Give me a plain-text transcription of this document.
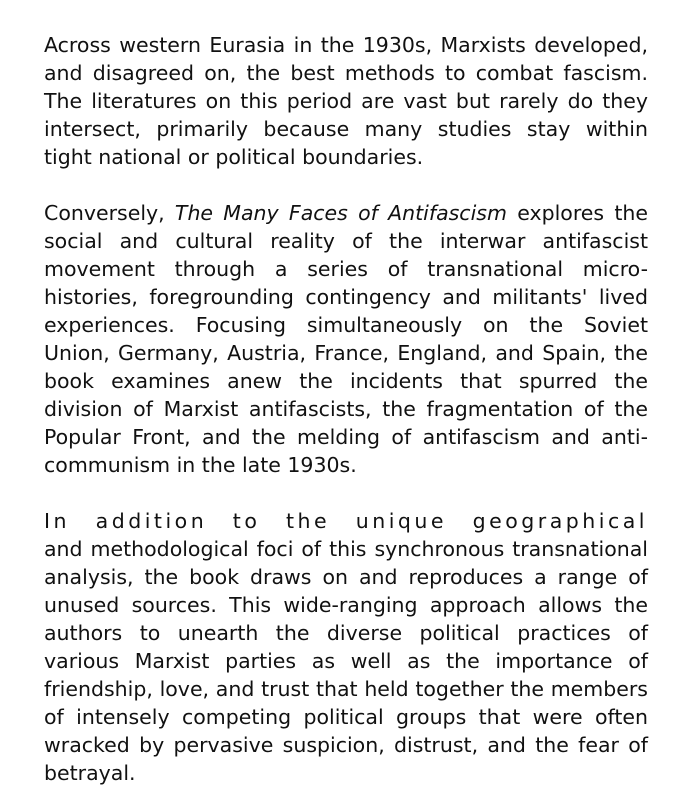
Across western Eurasia in the 1930s, Marxists developed, and disagreed on, the best methods to combat fascism. The literatures on this period are vast but rarely do they intersect, primarily because many studies stay within tight national or political boundaries.

Conversely, The Many Faces of Antifascism explores the social and cultural reality of the interwar antifascist movement through a series of transnational micro-histories, foregrounding contingency and militants' lived experiences. Focusing simultaneously on the Soviet Union, Germany, Austria, France, England, and Spain, the book examines anew the incidents that spurred the division of Marxist antifascists, the fragmentation of the Popular Front, and the melding of antifascism and anti-communism in the late 1930s.

In addition to the unique geographical and methodological foci of this synchronous transnational analysis, the book draws on and reproduces a range of unused sources. This wide-ranging approach allows the authors to unearth the diverse political practices of various Marxist parties as well as the importance of friendship, love, and trust that held together the members of intensely competing political groups that were often wracked by pervasive suspicion, distrust, and the fear of betrayal.
